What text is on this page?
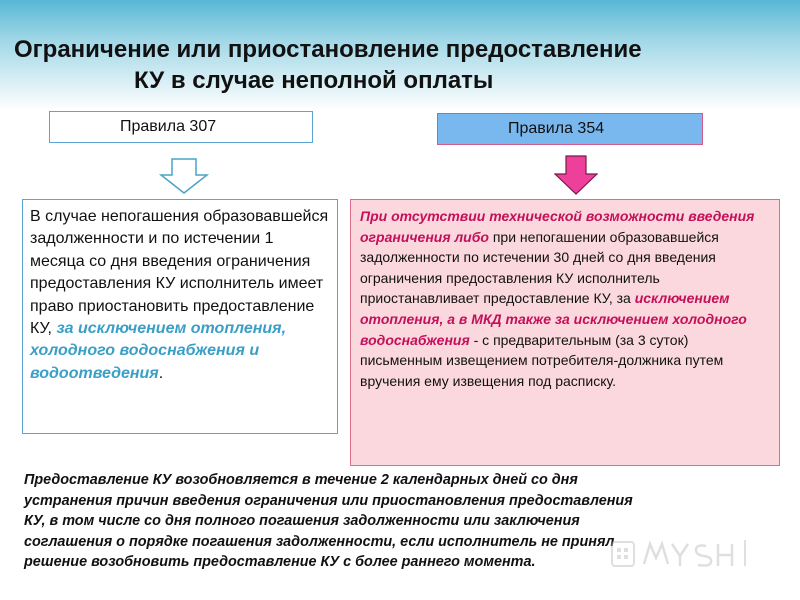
Ограничение или приостановление предоставление
КУ в случае неполной оплаты
Правила 307	Правила 354
В случае непогашения образовавшейся задолженности и по истечении 1 месяца со дня введения ограничения предоставления КУ исполнитель имеет право приостановить предоставление КУ, за исключением отопления, холодного водоснабжения и водоотведения.
При отсутствии технической возможности введения ограничения либо при непогашении образовавшейся задолженности по истечении 30 дней со дня введения ограничения предоставления КУ исполнитель приостанавливает предоставление КУ, за исключением отопления, а в МКД также за исключением холодного водоснабжения - с предварительным (за 3 суток) письменным извещением потребителя-должника путем вручения ему извещения под расписку.

Предоставление КУ возобновляется в течение 2 календарных дней со дня
устранения причин введения ограничения или приостановления предоставления
КУ, в том числе со дня полного погашения задолженности или заключения
соглашения о порядке погашения задолженности, если исполнитель не принял
решение возобновить предоставление КУ с более раннего момента.
